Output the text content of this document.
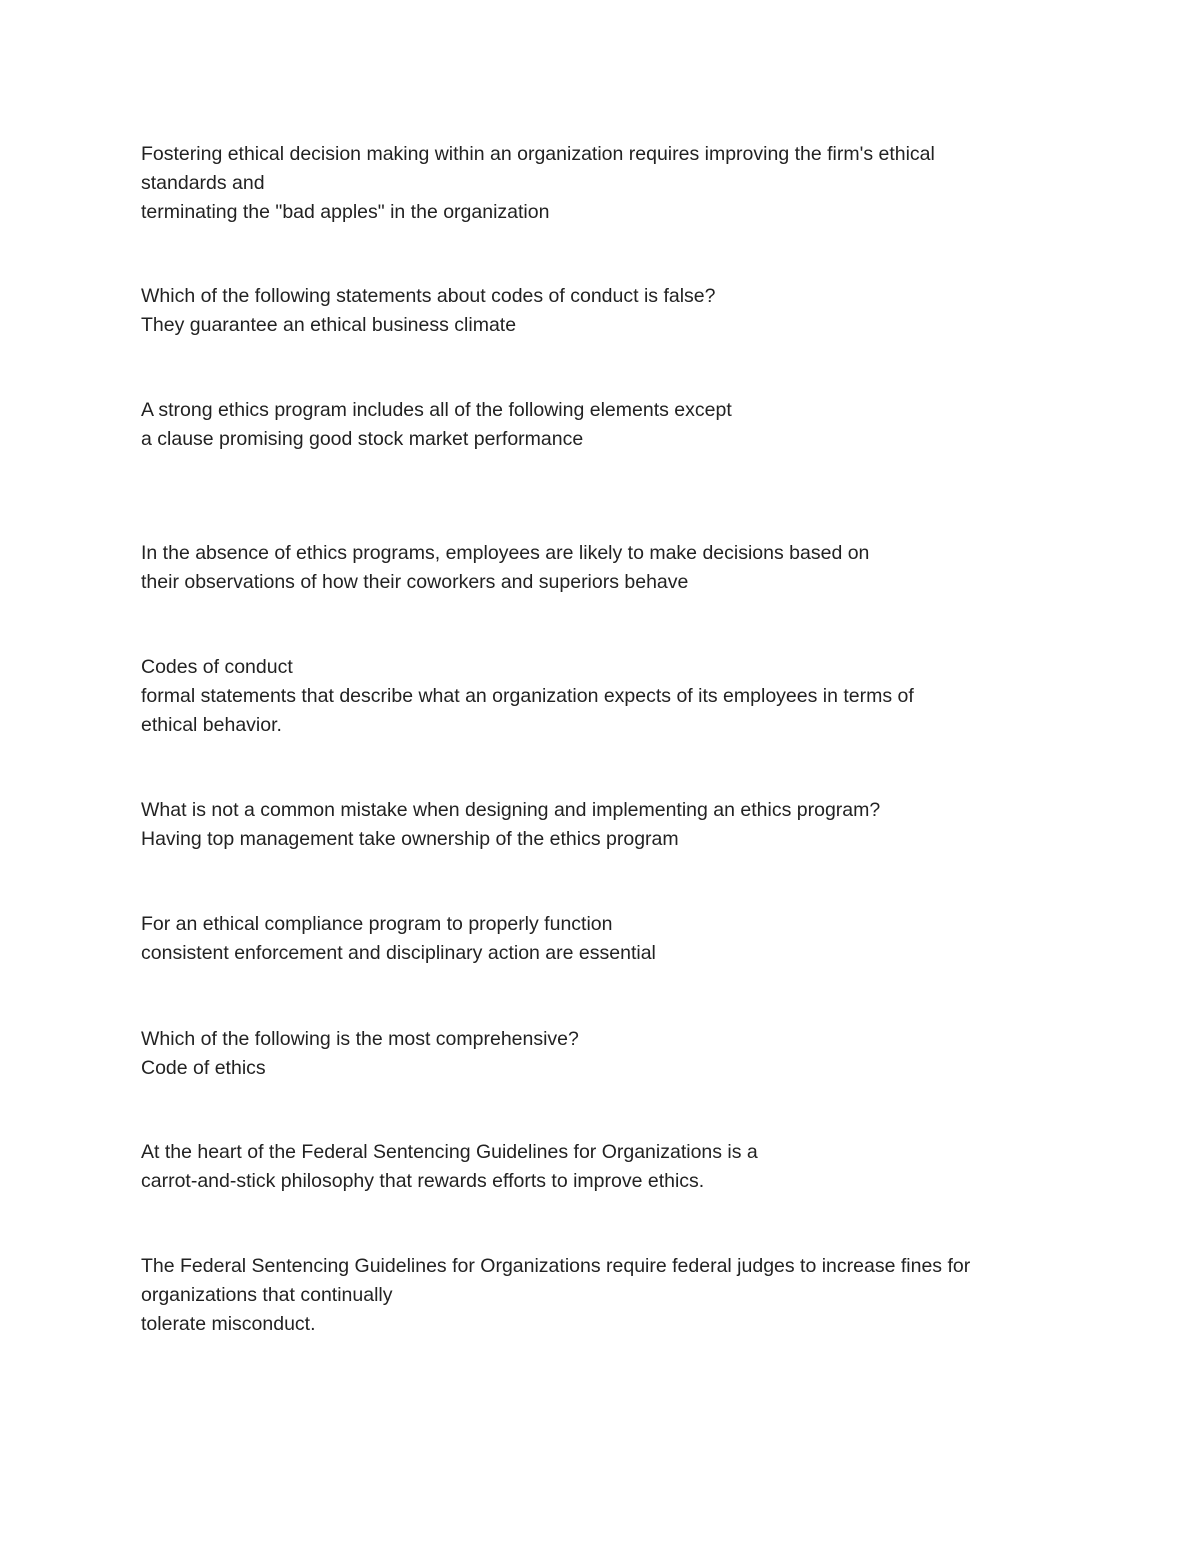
Fostering ethical decision making within an organization requires improving the firm's ethical
standards and
terminating the "bad apples" in the organization
Which of the following statements about codes of conduct is false?
They guarantee an ethical business climate
A strong ethics program includes all of the following elements except
a clause promising good stock market performance
In the absence of ethics programs, employees are likely to make decisions based on
their observations of how their coworkers and superiors behave
Codes of conduct
formal statements that describe what an organization expects of its employees in terms of
ethical behavior.
What is not a common mistake when designing and implementing an ethics program?
Having top management take ownership of the ethics program
For an ethical compliance program to properly function
consistent enforcement and disciplinary action are essential
Which of the following is the most comprehensive?
Code of ethics
At the heart of the Federal Sentencing Guidelines for Organizations is a
carrot-and-stick philosophy that rewards efforts to improve ethics.
The Federal Sentencing Guidelines for Organizations require federal judges to increase fines for
organizations that continually
tolerate misconduct.
